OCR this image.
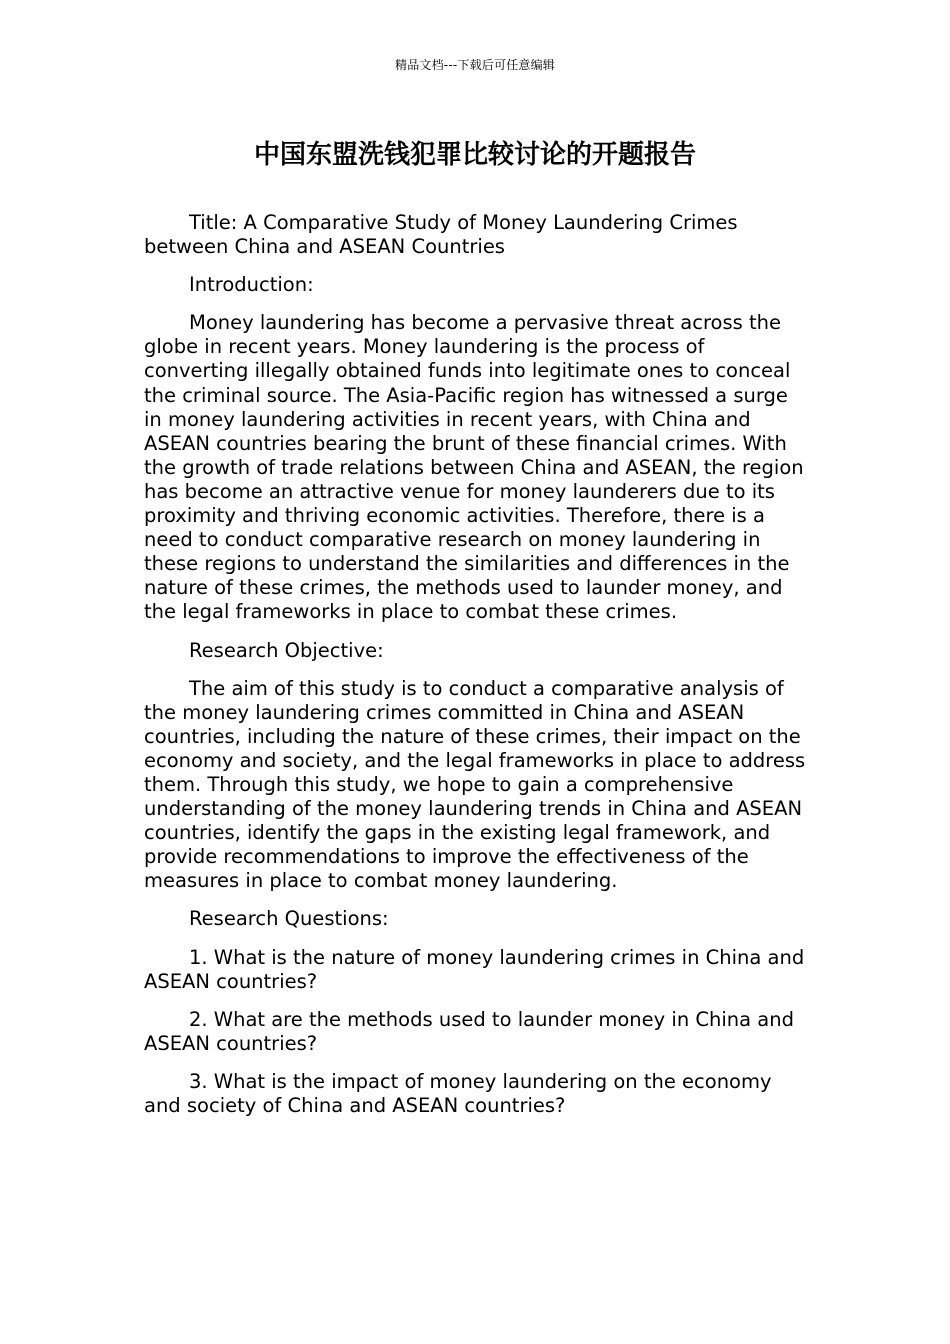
精品文档---下载后可任意编辑
中国东盟洗钱犯罪比较讨论的开题报告

Title: A Comparative Study of Money Laundering Crimes between China and ASEAN Countries

Introduction:

Money laundering has become a pervasive threat across the globe in recent years. Money laundering is the process of converting illegally obtained funds into legitimate ones to conceal the criminal source. The Asia-Pacific region has witnessed a surge in money laundering activities in recent years, with China and ASEAN countries bearing the brunt of these financial crimes. With the growth of trade relations between China and ASEAN, the region has become an attractive venue for money launderers due to its proximity and thriving economic activities. Therefore, there is a need to conduct comparative research on money laundering in these regions to understand the similarities and differences in the nature of these crimes, the methods used to launder money, and the legal frameworks in place to combat these crimes.

Research Objective:

The aim of this study is to conduct a comparative analysis of the money laundering crimes committed in China and ASEAN countries, including the nature of these crimes, their impact on the economy and society, and the legal frameworks in place to address them. Through this study, we hope to gain a comprehensive understanding of the money laundering trends in China and ASEAN countries, identify the gaps in the existing legal framework, and provide recommendations to improve the effectiveness of the measures in place to combat money laundering.

Research Questions:

1. What is the nature of money laundering crimes in China and ASEAN countries?

2. What are the methods used to launder money in China and ASEAN countries?

3. What is the impact of money laundering on the economy and society of China and ASEAN countries?
